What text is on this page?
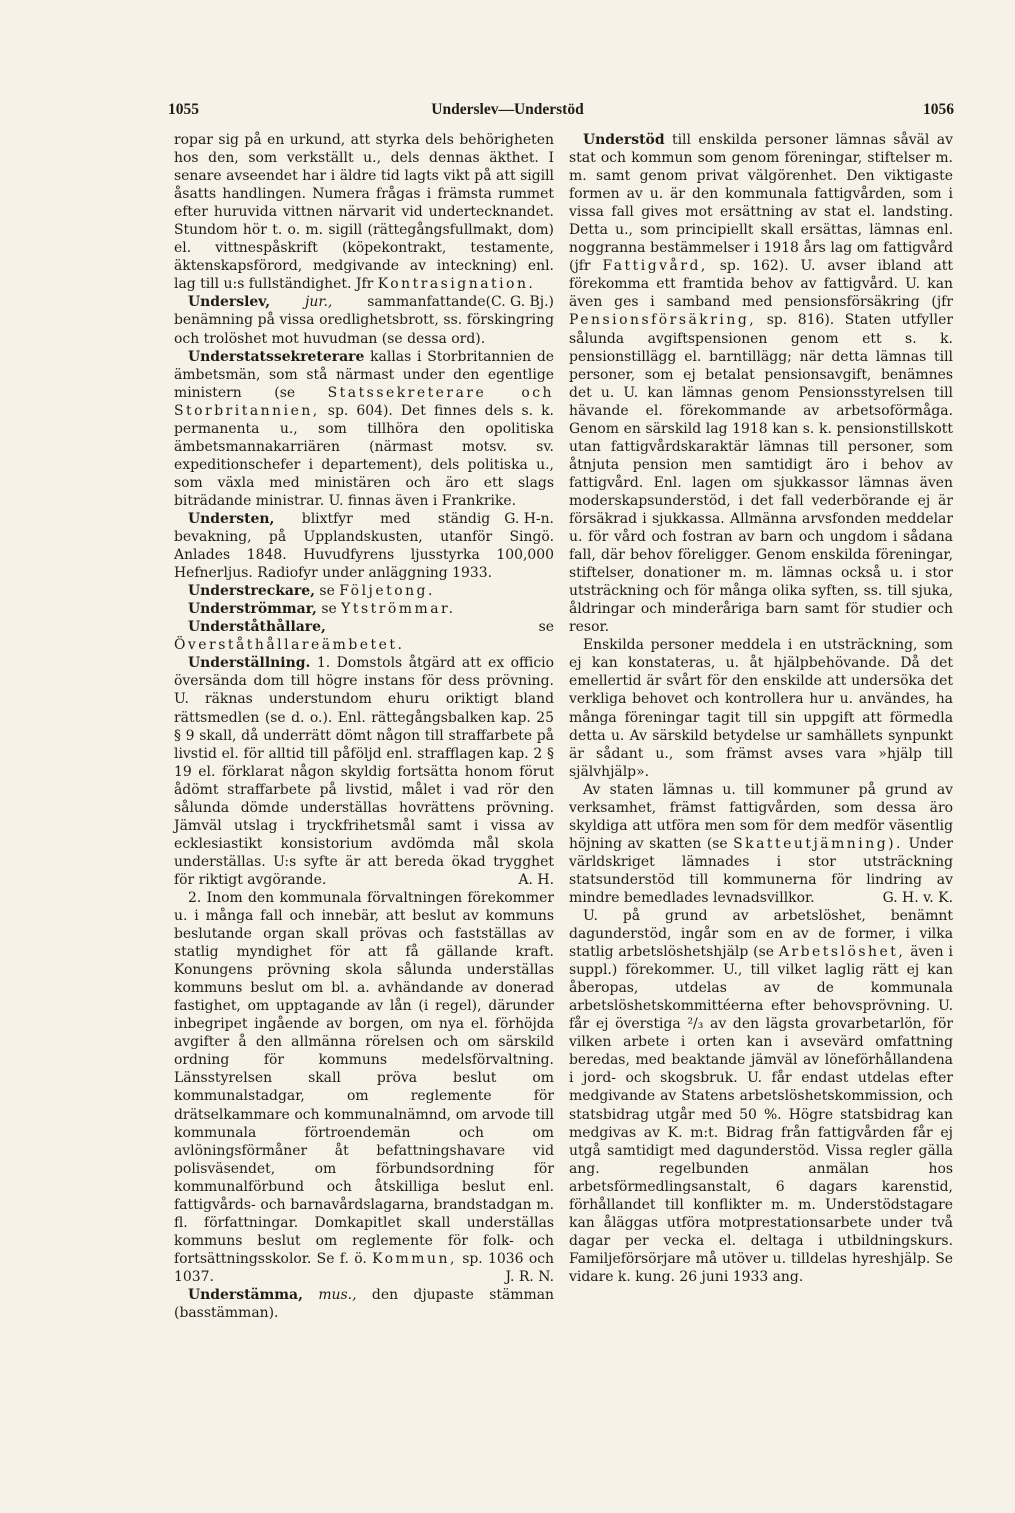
1055	Underslev—Understöd	1056

ropar sig på en urkund, att styrka dels behörigheten hos den, som verkställt u., dels dennas äkthet. I senare avseendet har i äldre tid lagts vikt på att sigill åsatts handlingen. Numera frågas i främsta rummet efter huruvida vittnen närvarit vid undertecknandet. Stundom hör t. o. m. sigill (rättegångsfullmakt, dom) el. vittnespåskrift (köpekontrakt, testamente, äktenskapsförord, medgivande av inteckning) enl. lag till u:s fullständighet. Jfr Kontrasignation.
(C. G. Bj.)

Underslev,	jur.,	sammanfattande benämning på vissa oredlighetsbrott, ss. förskingring och trolöshet mot huvudman (se dessa ord).

Understatssekreterare kallas i Storbritannien de ämbetsmän, som stå närmast under den egentlige ministern (se Statssekreterare och Storbritannien, sp. 604). Det finnes dels s. k. permanenta u., som tillhöra den opolitiska ämbetsmannakarriären (närmast motsv. sv. expeditionschefer i departement), dels politiska u., som växla med ministären och äro ett slags biträdande ministrar. U. finnas även i Frankrike.
G. H-n.

Understen, blixtfyr med ständig bevakning, på Upplandskusten, utanför Singö. Anlades 1848. Huvudfyrens ljusstyrka 100,000 Hefnerljus. Radiofyr under anläggning 1933.

Understreckare, se Följetong.

Underströmmar, se Ytströmmar.

Underståthållare,	se Överståthållareämbetet.

Underställning. 1. Domstols åtgärd att ex officio översända dom till högre instans för dess prövning. U. räknas understundom ehuru oriktigt bland rättsmedlen (se d. o.). Enl. rättegångsbalken kap. 25 § 9 skall, då underrätt dömt någon till straffarbete på livstid el. för alltid till påföljd enl. strafflagen kap. 2 § 19 el. förklarat någon skyldig fortsätta honom förut ådömt straffarbete på livstid, målet i vad rör den sålunda dömde underställas hovrättens prövning. Jämväl utslag i tryckfrihetsmål samt i vissa av ecklesiastikt konsistorium avdömda mål skola underställas. U:s syfte är att bereda ökad trygghet för riktigt avgörande.	A. H.

2. Inom den kommunala förvaltningen förekommer u. i många fall och innebär, att beslut av kommuns beslutande organ skall prövas och fastställas av statlig myndighet för att få gällande kraft. Konungens prövning skola sålunda underställas kommuns beslut om bl. a. avhändande av donerad fastighet, om upptagande av lån (i regel), därunder inbegripet ingående av borgen, om nya el. förhöjda avgifter å den allmänna rörelsen och om särskild ordning för kommuns medelsförvaltning. Länsstyrelsen skall pröva beslut om kommunalstadgar, om reglemente för drätselkammare och kommunalnämnd, om arvode till kommunala förtroendemän och om avlöningsförmåner åt befattningshavare vid polisväsendet, om förbundsordning för kommunalförbund och åtskilliga beslut enl. fattigvårds- och barnavårdslagarna, brandstadgan m. fl. författningar. Domkapitlet skall underställas kommuns beslut om reglemente för folk- och fortsättningsskolor. Se f. ö. Kommun, sp. 1036 och 1037.	J. R. N.

Understämma, mus., den djupaste stämman (basstämman).

Understöd till enskilda personer lämnas såväl av stat och kommun som genom föreningar, stiftelser m. m. samt genom privat välgörenhet. Den viktigaste formen av u. är den kommunala fattigvården, som i vissa fall gives mot ersättning av stat el. landsting. Detta u., som principiellt skall ersättas, lämnas enl. noggranna bestämmelser i 1918 års lag om fattigvård (jfr Fattigvård, sp. 162). U. avser ibland att förekomma ett framtida behov av fattigvård. U. kan även ges i samband med pensionsförsäkring (jfr Pensionsförsäkring, sp. 816). Staten utfyller sålunda avgiftspensionen genom ett s. k. pensionstillägg el. barntillägg; när detta lämnas till personer, som ej betalat pensionsavgift, benämnes det u. U. kan lämnas genom Pensionsstyrelsen till hävande el. förekommande av arbetsoförmåga. Genom en särskild lag 1918 kan s. k. pensionstillskott utan fattigvårdskaraktär lämnas till personer, som åtnjuta pension men samtidigt äro i behov av fattigvård. Enl. lagen om sjukkassor lämnas även moderskapsunderstöd, i det fall vederbörande ej är försäkrad i sjukkassa. Allmänna arvsfonden meddelar u. för vård och fostran av barn och ungdom i sådana fall, där behov föreligger. Genom enskilda föreningar, stiftelser, donationer m. m. lämnas också u. i stor utsträckning och för många olika syften, ss. till sjuka, åldringar och minderåriga barn samt för studier och resor.

Enskilda personer meddela i en utsträckning, som ej kan konstateras, u. åt hjälpbehövande. Då det emellertid är svårt för den enskilde att undersöka det verkliga behovet och kontrollera hur u. användes, ha många föreningar tagit till sin uppgift att förmedla detta u. Av särskild betydelse ur samhällets synpunkt är sådant u., som främst avses vara »hjälp till självhjälp».

Av staten lämnas u. till kommuner på grund av verksamhet, främst fattigvården, som dessa äro skyldiga att utföra men som för dem medför väsentlig höjning av skatten (se Skatteutjämning). Under världskriget lämnades i stor utsträckning statsunderstöd till kommunerna för lindring av mindre bemedlades levnadsvillkor.	G. H. v. K.

U. på grund av arbetslöshet, benämnt dagunderstöd, ingår som en av de former, i vilka statlig arbetslöshetshjälp (se Arbetslöshet, även i suppl.) förekommer. U., till vilket laglig rätt ej kan åberopas, utdelas av de kommunala arbetslöshetskommittéerna efter behovsprövning. U. får ej överstiga ²/₃ av den lägsta grovarbetarlön, för vilken arbete i orten kan i avsevärd omfattning beredas, med beaktande jämväl av löneförhållandena i jord- och skogsbruk. U. får endast utdelas efter medgivande av Statens arbetslöshetskommission, och statsbidrag utgår med 50 %. Högre statsbidrag kan medgivas av K. m:t. Bidrag från fattigvården får ej utgå samtidigt med dagunderstöd. Vissa regler gälla ang. regelbunden anmälan hos arbetsförmedlingsanstalt, 6 dagars karenstid, förhållandet till konflikter m. m. Understödstagare kan åläggas utföra motprestationsarbete under två dagar per vecka el. deltaga i utbildningskurs. Familjeförsörjare må utöver u. tilldelas hyreshjälp. Se vidare k. kung. 26 juni 1933 ang.
